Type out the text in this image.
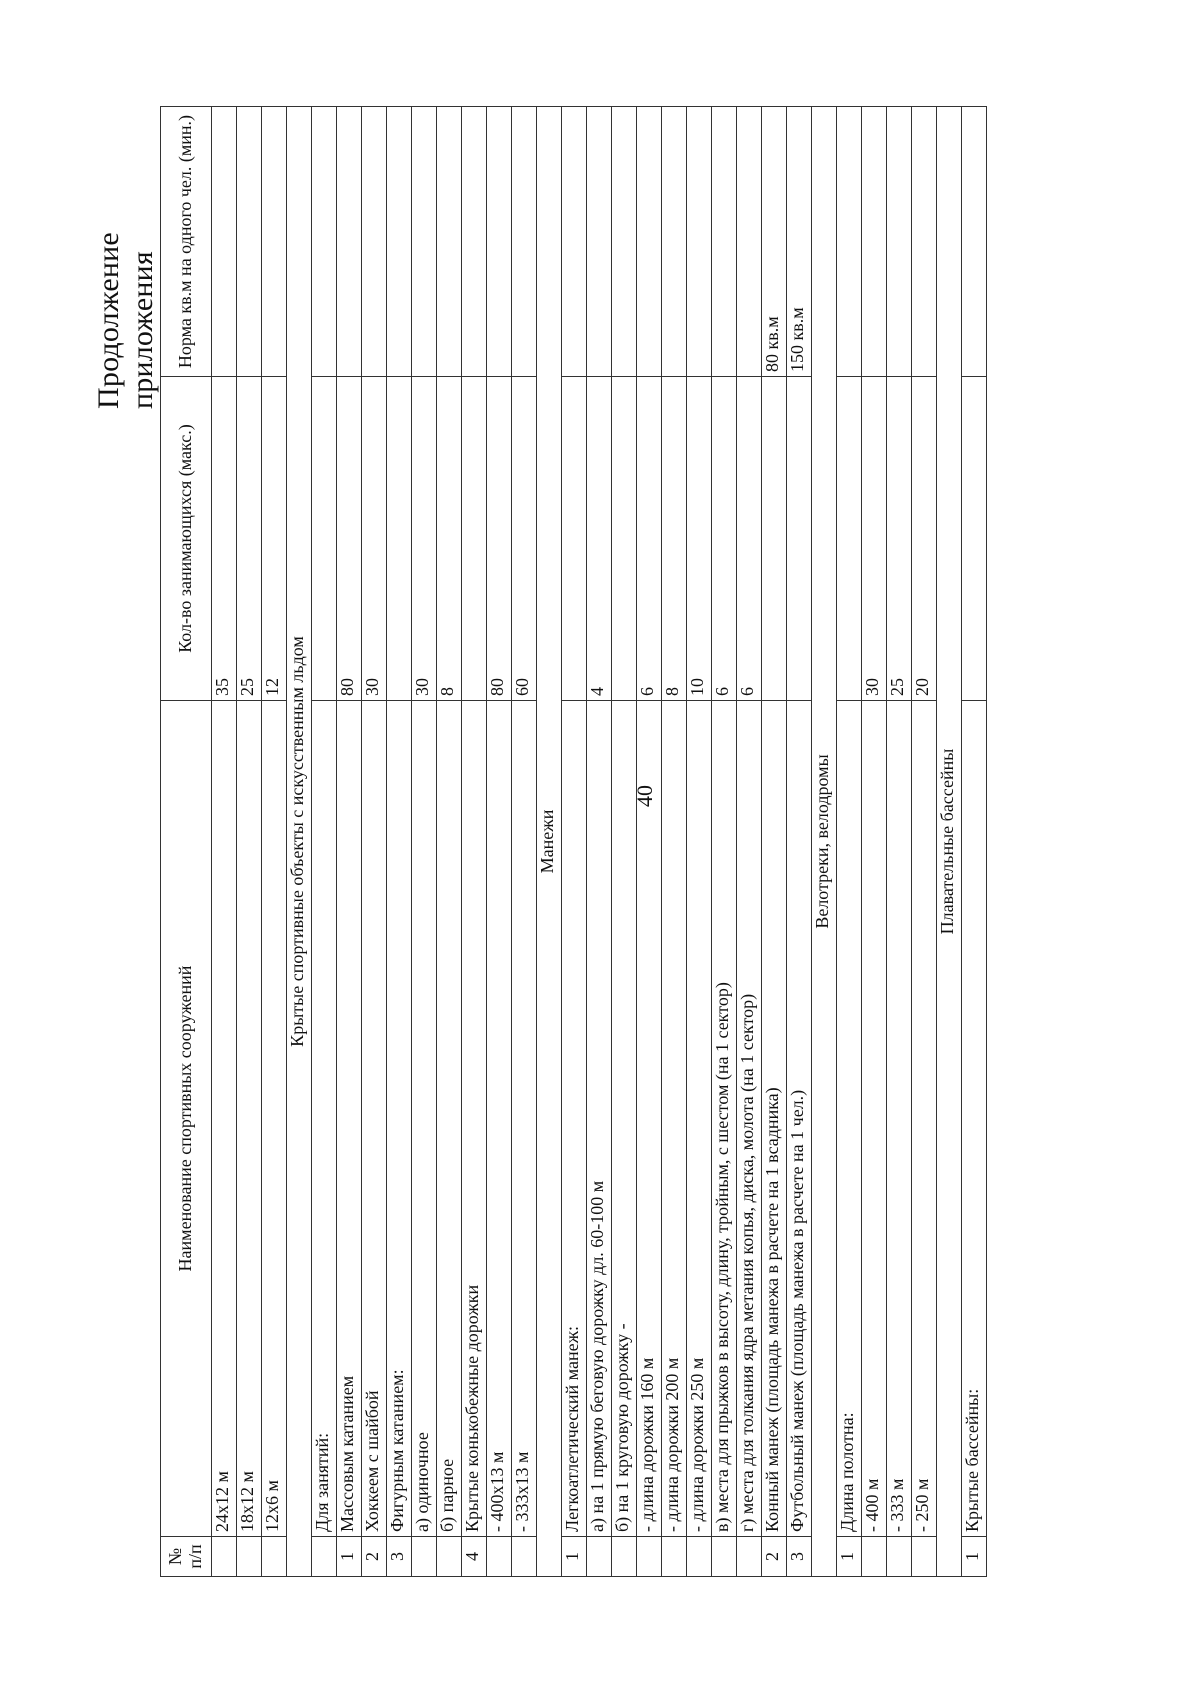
Продолжение приложения
40
№ п/п	Наименование спортивных сооружений	Кол-во занимающихся (макс.)	Норма кв.м на одного чел. (мин.)
	24х12 м	35	
	18х12 м	25	
	12х6 м	12	
Крытые спортивные объекты с искусственным льдом			
	Для занятий:		
1	Массовым катанием	80	
2	Хоккеем с шайбой	30	
3	Фигурным катанием:		
	а) одиночное	30	
	б) парное	8	
4	Крытые конькобежные дорожки		
	- 400х13 м	80	
	- 333х13 м	60	
Манежи			
1	Легкоатлетический манеж:		
	а) на 1 прямую беговую дорожку дл. 60-100 м	4	
	б) на 1 круговую дорожку -		
	- длина дорожки 160 м	6	
	- длина дорожки 200 м	8	
	- длина дорожки 250 м	10	
	в) места для прыжков в высоту, длину, тройным, с шестом (на 1 сектор)	6	
	г) места для толкания ядра метания копья, диска, молота (на 1 сектор)	6	
2	Конный манеж (площадь манежа в расчете на 1 всадника)		80 кв.м
3	Футбольный манеж (площадь манежа в расчете на 1 чел.)		150 кв.м
Велотреки, велодромы			
1	Длина полотна:		
	- 400 м	30	
	- 333 м	25	
	- 250 м	20	
Плавательные бассейны			
1	Крытые бассейны:		
